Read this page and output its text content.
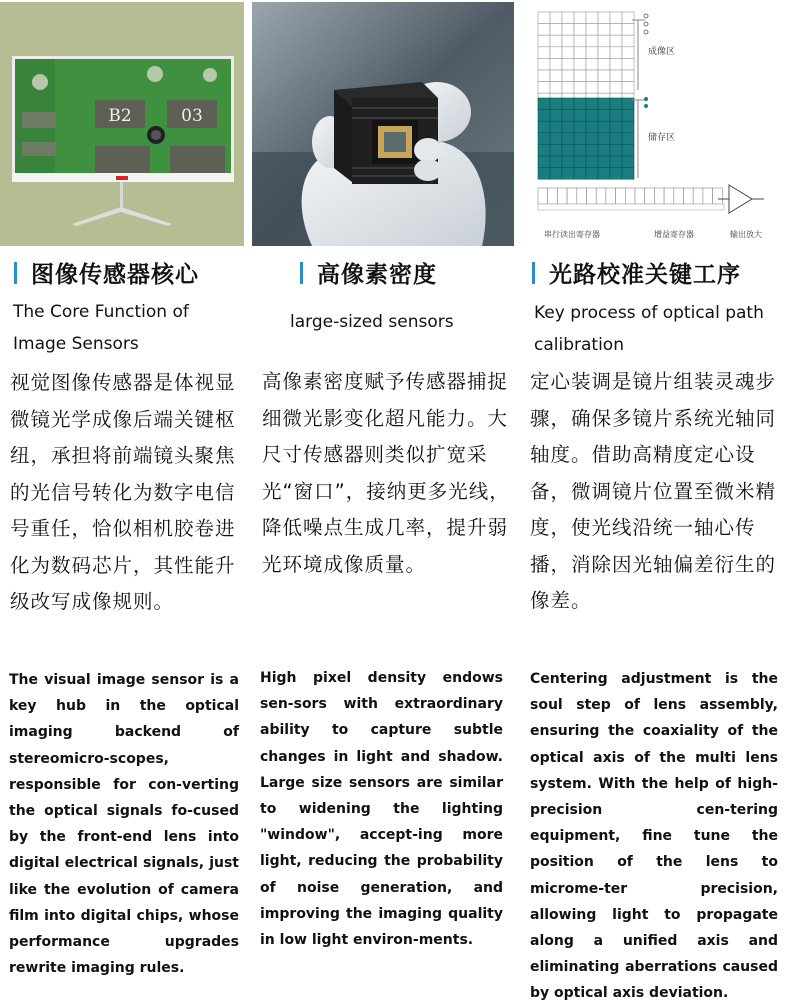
B2	03
图像传感器核心
The Core Function of Image Sensors
视觉图像传感器是体视显微镜光学成像后端关键枢纽，承担将前端镜头聚焦的光信号转化为数字电信号重任，恰似相机胶卷进化为数码芯片，其性能升级改写成像规则。
The visual image sensor is a key hub in the optical imaging backend of stereomicro-scopes, responsible for con-verting the optical signals fo-cused by the front-end lens into digital electrical signals, just like the evolution of camera film into digital chips, whose performance upgrades rewrite imaging rules.
高像素密度
large-sized sensors
高像素密度赋予传感器捕捉细微光影变化超凡能力。大尺寸传感器则类似扩宽采光“窗口”，接纳更多光线，降低噪点生成几率，提升弱光环境成像质量。
High pixel density endows sen-sors with extraordinary ability to capture subtle changes in light and shadow. Large size sensors are similar to widening the lighting "window", accept-ing more light, reducing the probability of noise generation, and improving the imaging quality in low light environ-ments.
成像区
储存区
串行读出寄存器	增益寄存器	输出放大
光路校准关键工序
Key process of optical path calibration
定心装调是镜片组装灵魂步骤，确保多镜片系统光轴同轴度。借助高精度定心设备，微调镜片位置至微米精度，使光线沿统一轴心传播，消除因光轴偏差衍生的像差。
Centering adjustment is the soul step of lens assembly, ensuring the coaxiality of the optical axis of the multi lens system. With the help of high-precision cen-tering equipment, fine tune the position of the lens to microme-ter precision, allowing light to propagate along a unified axis and eliminating aberrations caused by optical axis deviation.
